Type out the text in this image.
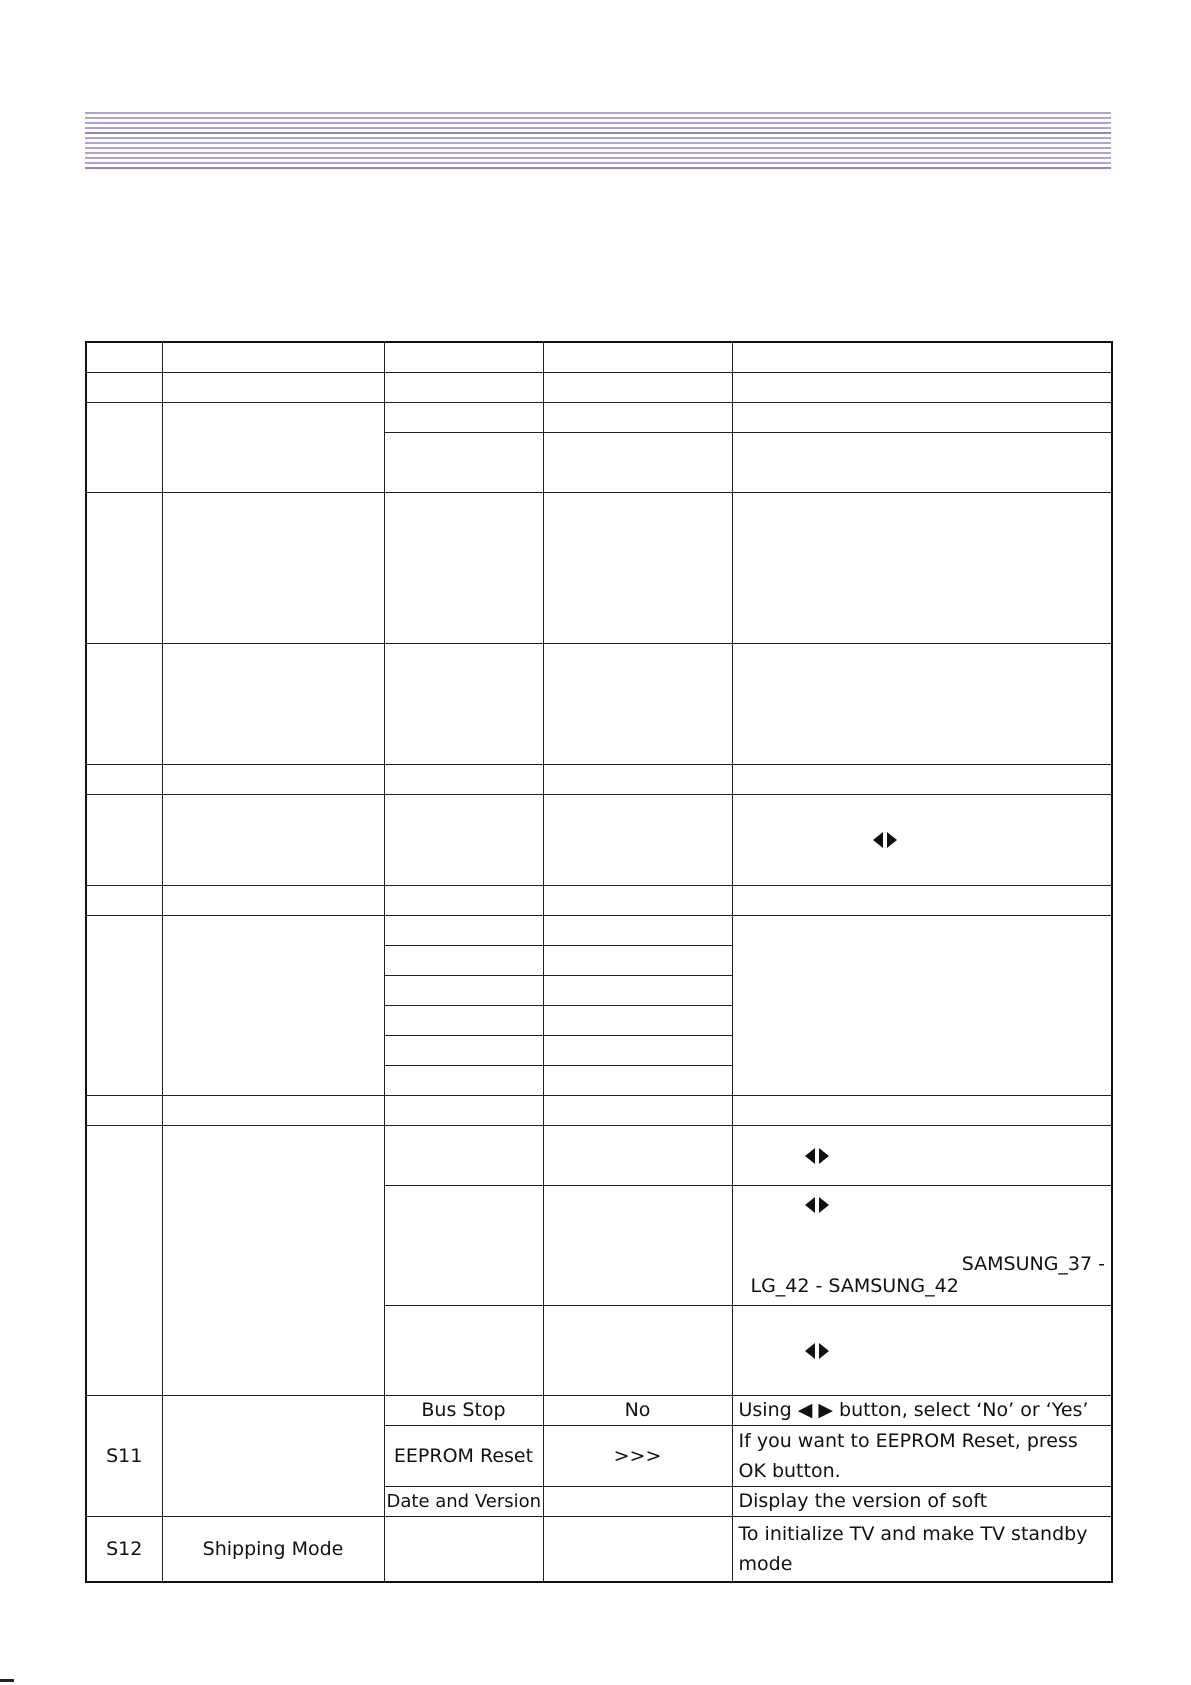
				SAMSUNG_37 -
LG_42 - SAMSUNG_42

S11		Bus Stop	No	Using ◀ ▶ button, select ‘No’ or ‘Yes’
		EEPROM Reset	>>>	If you want to EEPROM Reset, press OK button.
		Date and Version		Display the version of soft
S12	Shipping Mode			To initialize TV and make TV standby mode
